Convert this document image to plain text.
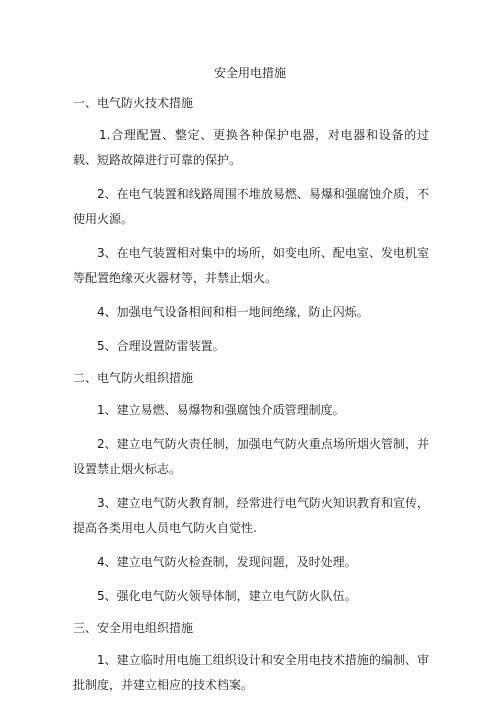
安全用电措施
一、电气防火技术措施

1.合理配置、整定、更换各种保护电器，对电器和设备的过载、短路故障进行可靠的保护。

2、在电气装置和线路周围不堆放易燃、易爆和强腐蚀介质，不使用火源。

3、在电气装置相对集中的场所，如变电所、配电室、发电机室等配置绝缘灭火器材等，并禁止烟火。

4、加强电气设备相间和相一地间绝缘，防止闪烁。

5、合理设置防雷装置。

二、电气防火组织措施

1、建立易燃、易爆物和强腐蚀介质管理制度。

2、建立电气防火责任制，加强电气防火重点场所烟火管制，并设置禁止烟火标志。

3、建立电气防火教育制，经常进行电气防火知识教育和宣传，提高各类用电人员电气防火自觉性.

4、建立电气防火检查制，发现问题，及时处理。

5、强化电气防火领导体制，建立电气防火队伍。

三、安全用电组织措施

1、建立临时用电施工组织设计和安全用电技术措施的编制、审批制度，并建立相应的技术档案。
